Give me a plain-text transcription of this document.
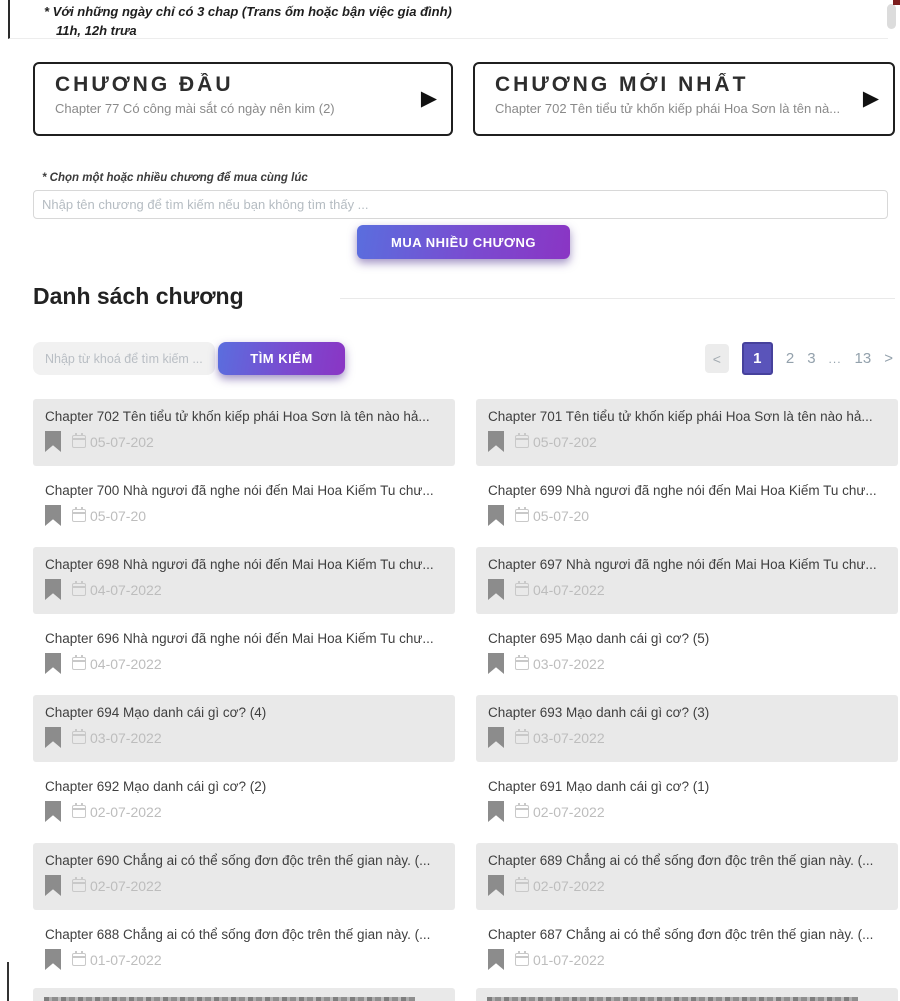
* Với những ngày chỉ có 3 chap (Trans ốm hoặc bận việc gia đình)
11h, 12h trưa
CHƯƠNG ĐẦU
Chapter 77 Có công mài sắt có ngày nên kim (2)	▶
CHƯƠNG MỚI NHẤT
Chapter 702 Tên tiểu tử khốn kiếp phái Hoa Sơn là tên nà...	▶
* Chọn một hoặc nhiều chương để mua cùng lúc
Nhập tên chương để tìm kiếm nếu bạn không tìm thấy ...
MUA NHIỀU CHƯƠNG
Danh sách chương
Nhập từ khoá để tìm kiếm ...
TÌM KIẾM	<	1	2 3 ... 13 >
Chapter 702 Tên tiểu tử khốn kiếp phái Hoa Sơn là tên nào hả...
05-07-202
Chapter 701 Tên tiểu tử khốn kiếp phái Hoa Sơn là tên nào hả...
05-07-202
Chapter 700 Nhà ngươi đã nghe nói đến Mai Hoa Kiếm Tu chư...
05-07-20
Chapter 699 Nhà ngươi đã nghe nói đến Mai Hoa Kiếm Tu chư...
05-07-20
Chapter 698 Nhà ngươi đã nghe nói đến Mai Hoa Kiếm Tu chư...
04-07-2022
Chapter 697 Nhà ngươi đã nghe nói đến Mai Hoa Kiếm Tu chư...
04-07-2022
Chapter 696 Nhà ngươi đã nghe nói đến Mai Hoa Kiếm Tu chư...
04-07-2022
Chapter 695 Mạo danh cái gì cơ? (5)
03-07-2022
Chapter 694 Mạo danh cái gì cơ? (4)
03-07-2022
Chapter 693 Mạo danh cái gì cơ? (3)
03-07-2022
Chapter 692 Mạo danh cái gì cơ? (2)
02-07-2022
Chapter 691 Mạo danh cái gì cơ? (1)
02-07-2022
Chapter 690 Chẳng ai có thể sống đơn độc trên thế gian này. (...
02-07-2022
Chapter 689 Chẳng ai có thể sống đơn độc trên thế gian này. (...
02-07-2022
Chapter 688 Chẳng ai có thể sống đơn độc trên thế gian này. (...
01-07-2022
Chapter 687 Chẳng ai có thể sống đơn độc trên thế gian này. (...
01-07-2022
